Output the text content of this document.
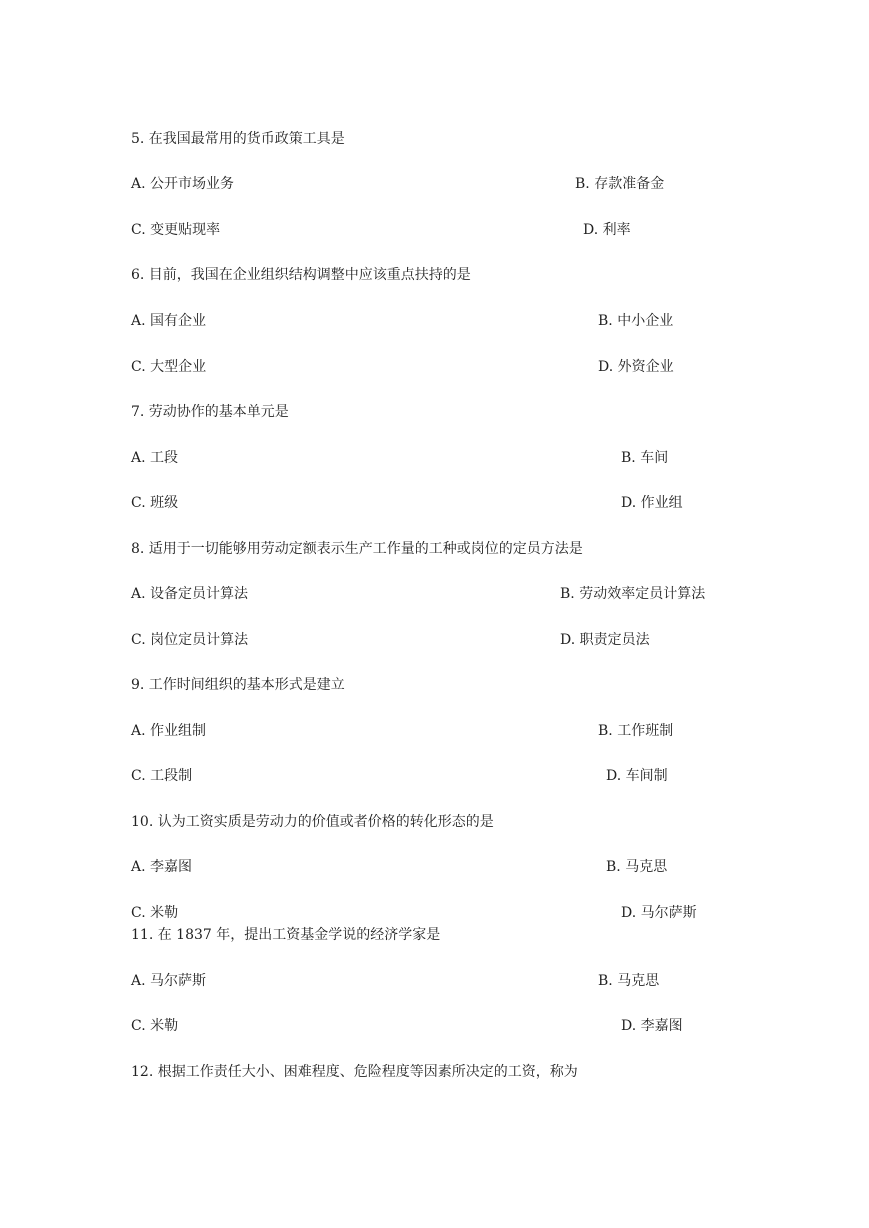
5. 在我国最常用的货币政策工具是
A. 公开市场业务	B. 存款准备金
C. 变更贴现率	D. 利率
6. 目前，我国在企业组织结构调整中应该重点扶持的是
A. 国有企业	B. 中小企业
C. 大型企业	D. 外资企业
7. 劳动协作的基本单元是
A. 工段	B. 车间
C. 班级	D. 作业组
8. 适用于一切能够用劳动定额表示生产工作量的工种或岗位的定员方法是
A. 设备定员计算法	B. 劳动效率定员计算法
C. 岗位定员计算法	D. 职责定员法
9. 工作时间组织的基本形式是建立
A. 作业组制	B. 工作班制
C. 工段制	D. 车间制
10. 认为工资实质是劳动力的价值或者价格的转化形态的是
A. 李嘉图	B. 马克思
C. 米勒	D. 马尔萨斯
11. 在 1837 年，提出工资基金学说的经济学家是
A. 马尔萨斯	B. 马克思
C. 米勒	D. 李嘉图
12. 根据工作责任大小、困难程度、危险程度等因素所决定的工资，称为
